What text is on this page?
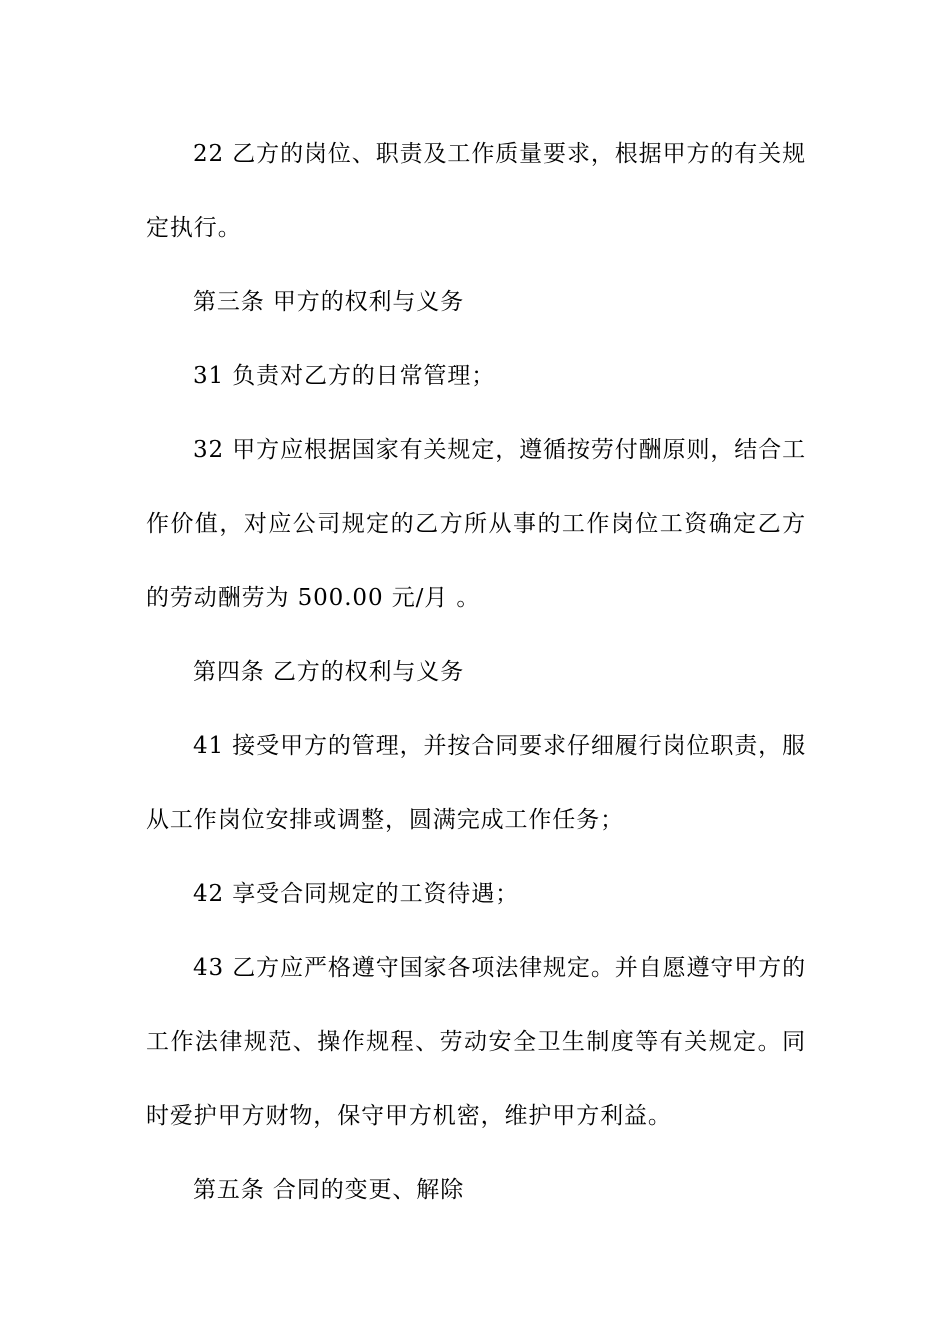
22 乙方的岗位、职责及工作质量要求，根据甲方的有关规定执行。

第三条 甲方的权利与义务

31 负责对乙方的日常管理；

32 甲方应根据国家有关规定，遵循按劳付酬原则，结合工作价值，对应公司规定的乙方所从事的工作岗位工资确定乙方的劳动酬劳为 500.00 元/月 。

第四条 乙方的权利与义务

41 接受甲方的管理，并按合同要求仔细履行岗位职责，服从工作岗位安排或调整，圆满完成工作任务；

42 享受合同规定的工资待遇；

43 乙方应严格遵守国家各项法律规定。并自愿遵守甲方的工作法律规范、操作规程、劳动安全卫生制度等有关规定。同时爱护甲方财物，保守甲方机密，维护甲方利益。

第五条 合同的变更、解除
